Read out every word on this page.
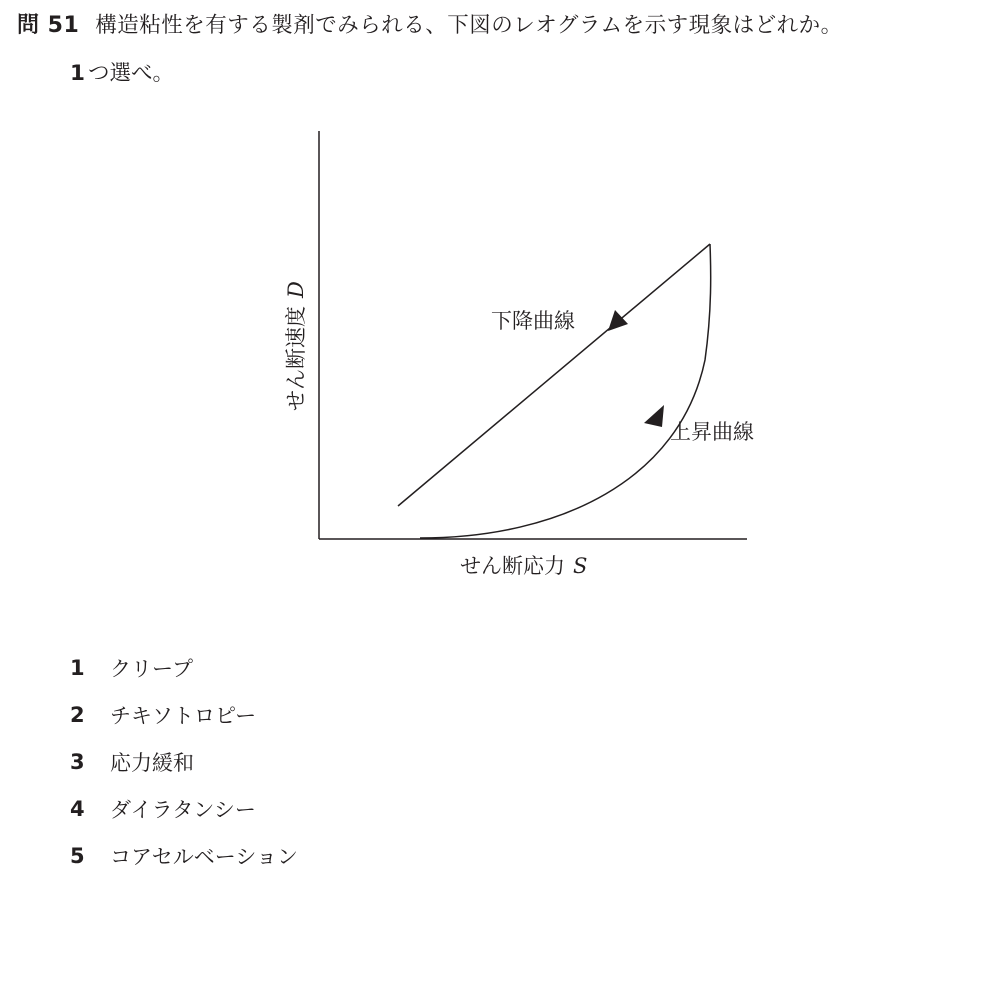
問 51 構造粘性を有する製剤でみられる、下図のレオグラムを示す現象はどれか。
1 つ選べ。
下降曲線
上昇曲線
せん断応力 S
せん断速度D
1	クリープ
2	チキソトロピー
3	応力緩和
4	ダイラタンシー
5	コアセルベーション
